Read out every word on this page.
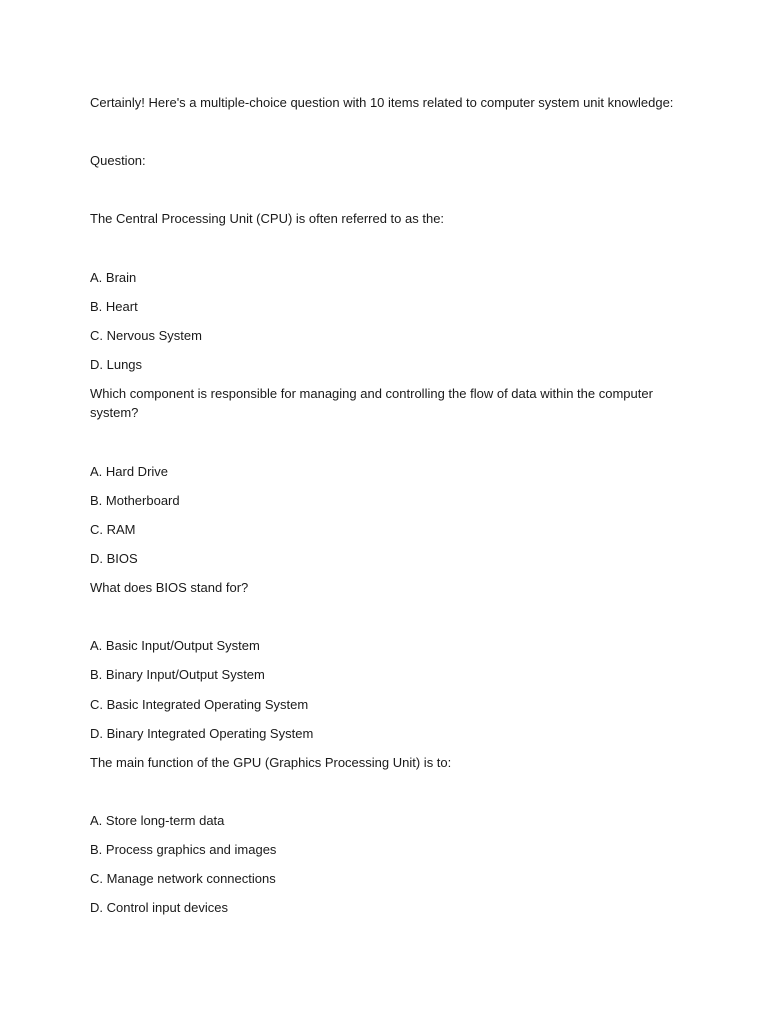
Certainly! Here's a multiple-choice question with 10 items related to computer system unit knowledge:
Question:
The Central Processing Unit (CPU) is often referred to as the:
A. Brain
B. Heart
C. Nervous System
D. Lungs
Which component is responsible for managing and controlling the flow of data within the computer system?
A. Hard Drive
B. Motherboard
C. RAM
D. BIOS
What does BIOS stand for?
A. Basic Input/Output System
B. Binary Input/Output System
C. Basic Integrated Operating System
D. Binary Integrated Operating System
The main function of the GPU (Graphics Processing Unit) is to:
A. Store long-term data
B. Process graphics and images
C. Manage network connections
D. Control input devices
